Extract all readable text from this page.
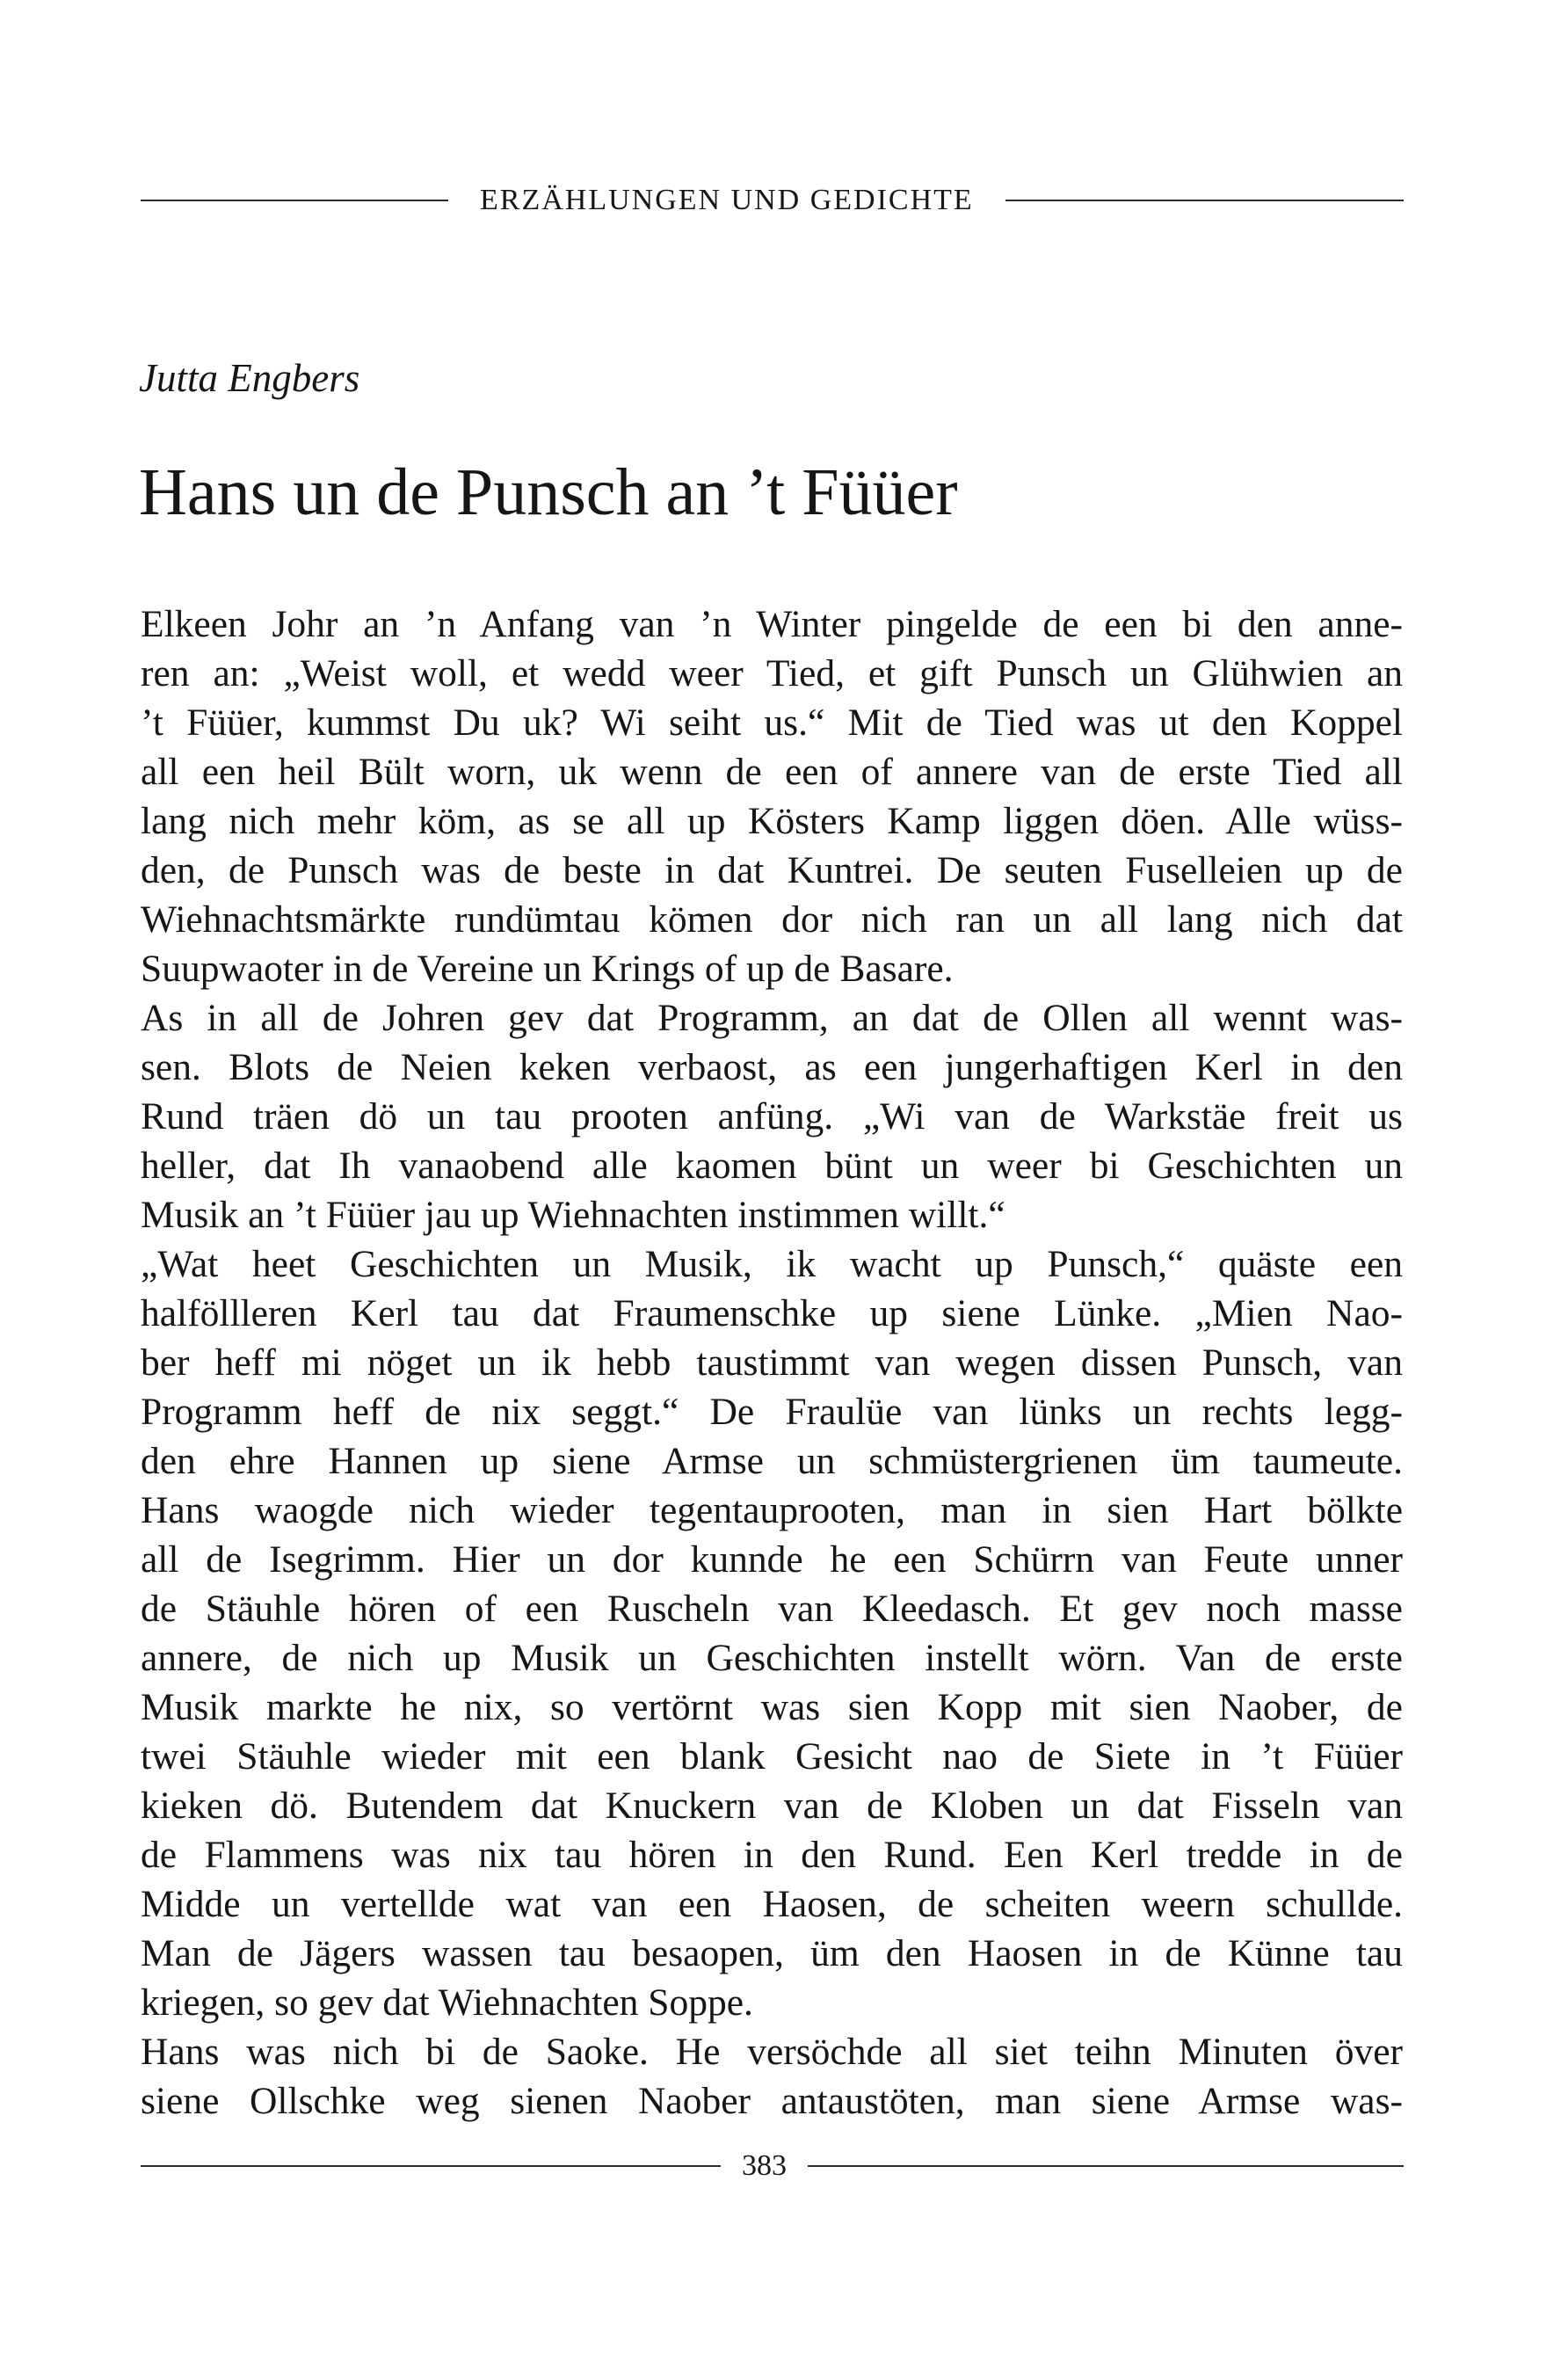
ERZÄHLUNGEN UND GEDICHTE
Jutta Engbers
Hans un de Punsch an ’t Füüer
Elkeen Johr an ’n Anfang van ’n Winter pingelde de een bi den anne-
ren an: „Weist woll, et wedd weer Tied, et gift Punsch un Glühwien an
’t Füüer, kummst Du uk? Wi seiht us.“ Mit de Tied was ut den Koppel
all een heil Bült worn, uk wenn de een of annere van de erste Tied all
lang nich mehr köm, as se all up Kösters Kamp liggen döen. Alle wüss-
den, de Punsch was de beste in dat Kuntrei. De seuten Fuselleien up de
Wiehnachtsmärkte rundümtau kömen dor nich ran un all lang nich dat
Suupwaoter in de Vereine un Krings of up de Basare.
As in all de Johren gev dat Programm, an dat de Ollen all wennt was-
sen. Blots de Neien keken verbaost, as een jungerhaftigen Kerl in den
Rund träen dö un tau prooten anfüng. „Wi van de Warkstäe freit us
heller, dat Ih vanaobend alle kaomen bünt un weer bi Geschichten un
Musik an ’t Füüer jau up Wiehnachten instimmen willt.“
„Wat heet Geschichten un Musik, ik wacht up Punsch,“ quäste een
halföllleren Kerl tau dat Fraumenschke up siene Lünke. „Mien Nao-
ber heff mi nöget un ik hebb taustimmt van wegen dissen Punsch, van
Programm heff de nix seggt.“ De Fraulüe van lünks un rechts legg-
den ehre Hannen up siene Armse un schmüstergrienen üm taumeute.
Hans waogde nich wieder tegentauprooten, man in sien Hart bölkte
all de Isegrimm. Hier un dor kunnde he een Schürrn van Feute unner
de Stäuhle hören of een Ruscheln van Kleedasch. Et gev noch masse
annere, de nich up Musik un Geschichten instellt wörn. Van de erste
Musik markte he nix, so vertörnt was sien Kopp mit sien Naober, de
twei Stäuhle wieder mit een blank Gesicht nao de Siete in ’t Füüer
kieken dö. Butendem dat Knuckern van de Kloben un dat Fisseln van
de Flammens was nix tau hören in den Rund. Een Kerl tredde in de
Midde un vertellde wat van een Haosen, de scheiten weern schullde.
Man de Jägers wassen tau besaopen, üm den Haosen in de Künne tau
kriegen, so gev dat Wiehnachten Soppe.
Hans was nich bi de Saoke. He versöchde all siet teihn Minuten över
siene Ollschke weg sienen Naober antaustöten, man siene Armse was-
383
